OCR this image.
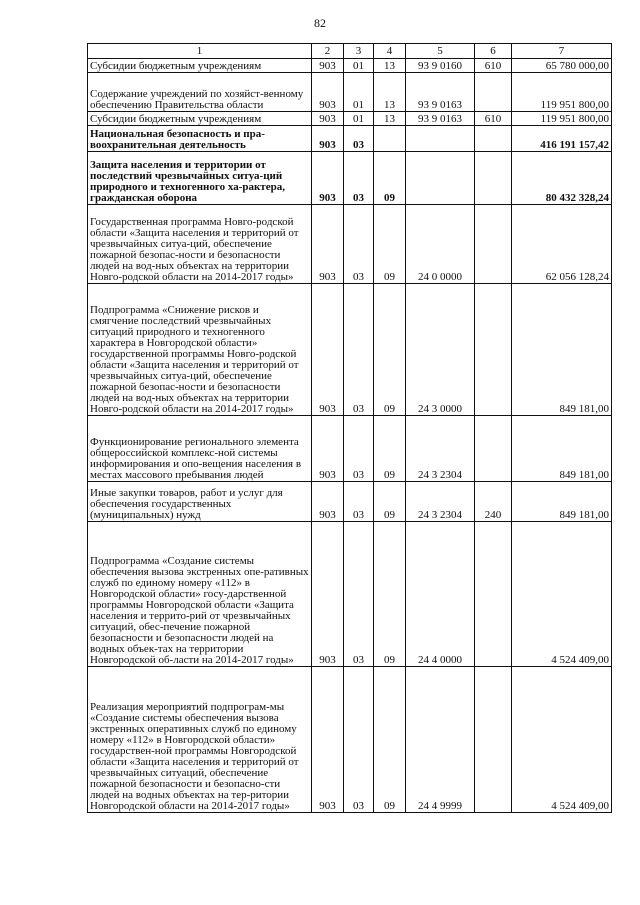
82
1	2	3	4	5	6	7
Субсидии бюджетным учреждениям	903	01	13	93 9 0160	610	65 780 000,00
Содержание учреждений по хозяйст-венному обеспечению Правительства области	903	01	13	93 9 0163		119 951 800,00
Субсидии бюджетным учреждениям	903	01	13	93 9 0163	610	119 951 800,00
Национальная безопасность и пра-воохранительная деятельность	903	03				416 191 157,42
Защита населения и территории от последствий чрезвычайных ситуа-ций природного и техногенного ха-рактера, гражданская оборона	903	03	09			80 432 328,24
Государственная программа Новго-родской области «Защита населения и территорий от чрезвычайных ситуа-ций, обеспечение пожарной безопас-ности и безопасности людей на вод-ных объектах на территории Новго-родской области на 2014-2017 годы»	903	03	09	24 0 0000		62 056 128,24
Подпрограмма «Снижение рисков и смягчение последствий чрезвычайных ситуаций природного и техногенного характера в Новгородской области» государственной программы Новго-родской области «Защита населения и территорий от чрезвычайных ситуа-ций, обеспечение пожарной безопас-ности и безопасности людей на вод-ных объектах на территории Новго-родской области на 2014-2017 годы»	903	03	09	24 3 0000		849 181,00
Функционирование регионального элемента общероссийской комплекс-ной системы информирования и опо-вещения населения в местах массового пребывания людей	903	03	09	24 3 2304		849 181,00
Иные закупки товаров, работ и услуг для обеспечения государственных (муниципальных) нужд	903	03	09	24 3 2304	240	849 181,00
Подпрограмма «Создание системы обеспечения вызова экстренных опе-ративных служб по единому номеру «112» в Новгородской области» госу-дарственной программы Новгородской области «Защита населения и террито-рий от чрезвычайных ситуаций, обес-печение пожарной безопасности и безопасности людей на водных объек-тах на территории Новгородской об-ласти на 2014-2017 годы»	903	03	09	24 4 0000		4 524 409,00
Реализация мероприятий подпрограм-мы «Создание системы обеспечения вызова экстренных оперативных служб по единому номеру «112» в Новгородской области» государствен-ной программы Новгородской области «Защита населения и территорий от чрезвычайных ситуаций, обеспечение пожарной безопасности и безопасно-сти людей на водных объектах на тер-ритории Новгородской области на 2014-2017 годы»	903	03	09	24 4 9999		4 524 409,00
